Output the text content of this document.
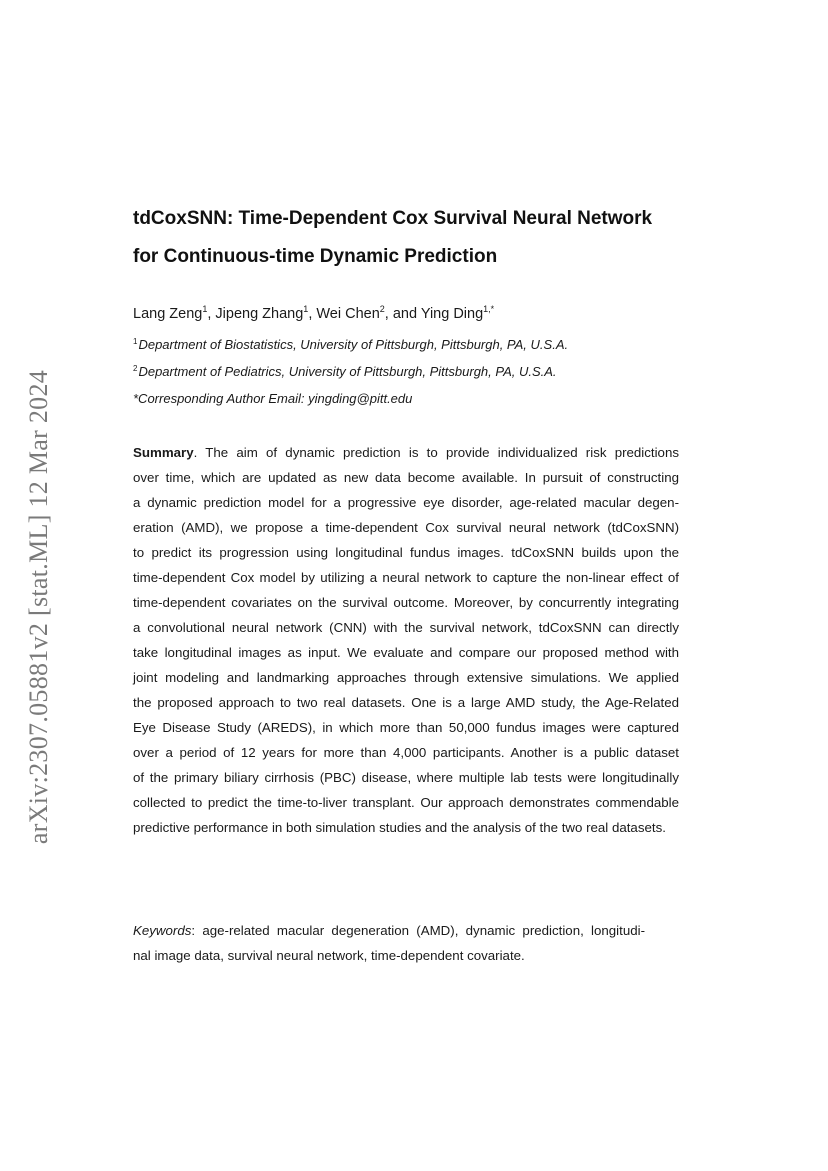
arXiv:2307.05881v2 [stat.ML] 12 Mar 2024
tdCoxSNN: Time-Dependent Cox Survival Neural Network
for Continuous-time Dynamic Prediction
Lang Zeng$^1$, Jipeng Zhang$^1$, Wei Chen$^2$, and Ying Ding$^{1,*}$
$^1$Department of Biostatistics, University of Pittsburgh, Pittsburgh, PA, U.S.A.
$^2$Department of Pediatrics, University of Pittsburgh, Pittsburgh, PA, U.S.A.
*Corresponding Author Email: yingding@pitt.edu
Summary. The aim of dynamic prediction is to provide individualized risk predictions
over time, which are updated as new data become available. In pursuit of constructing
a dynamic prediction model for a progressive eye disorder, age-related macular degen-
eration (AMD), we propose a time-dependent Cox survival neural network (tdCoxSNN)
to predict its progression using longitudinal fundus images. tdCoxSNN builds upon the
time-dependent Cox model by utilizing a neural network to capture the non-linear effect of
time-dependent covariates on the survival outcome. Moreover, by concurrently integrating
a convolutional neural network (CNN) with the survival network, tdCoxSNN can directly
take longitudinal images as input. We evaluate and compare our proposed method with
joint modeling and landmarking approaches through extensive simulations. We applied
the proposed approach to two real datasets. One is a large AMD study, the Age-Related
Eye Disease Study (AREDS), in which more than 50,000 fundus images were captured
over a period of 12 years for more than 4,000 participants. Another is a public dataset
of the primary biliary cirrhosis (PBC) disease, where multiple lab tests were longitudinally
collected to predict the time-to-liver transplant. Our approach demonstrates commendable
predictive performance in both simulation studies and the analysis of the two real datasets.
Keywords: age-related macular degeneration (AMD), dynamic prediction, longitudi-
nal image data, survival neural network, time-dependent covariate.
